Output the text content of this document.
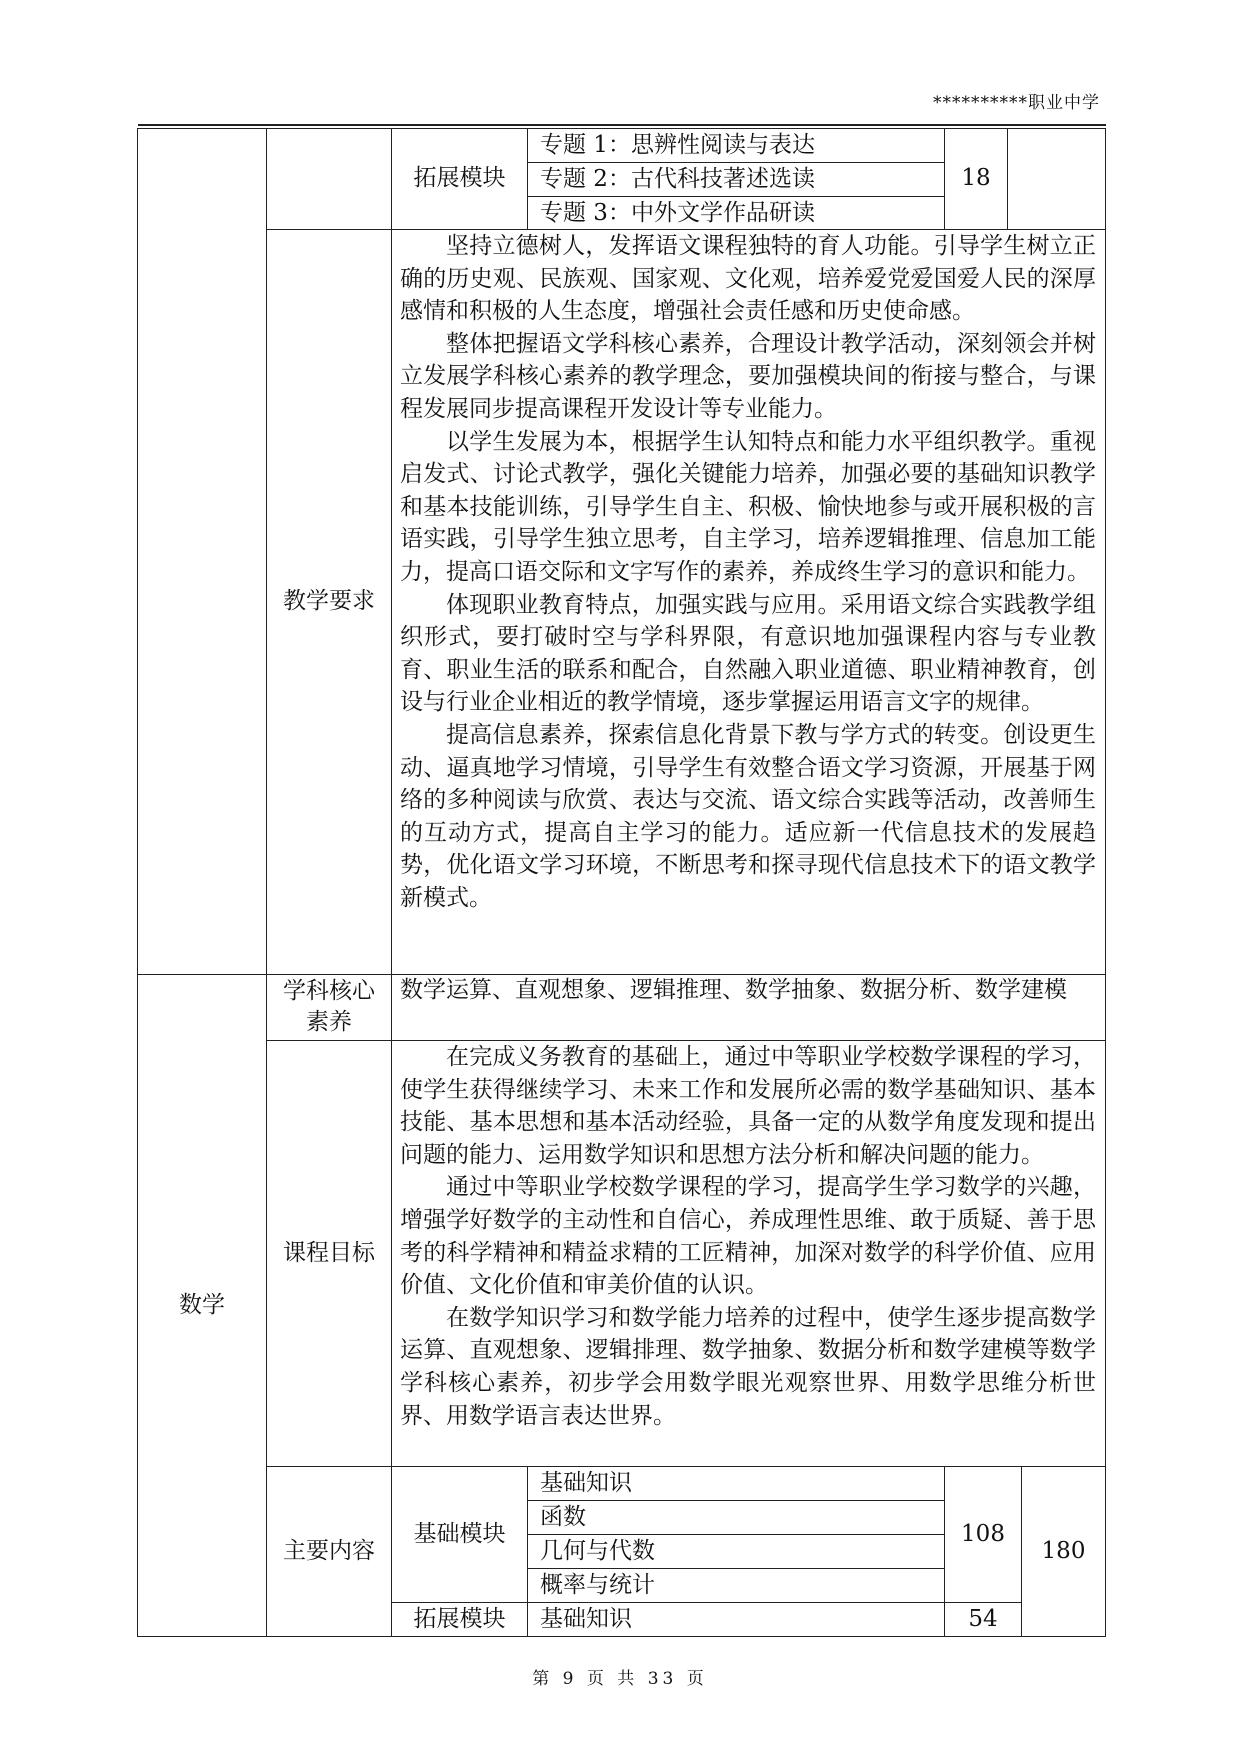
**********职业中学
拓展模块
专题 1：思辨性阅读与表达
专题 2：古代科技著述选读
专题 3：中外文学作品研读
18
教学要求

坚持立德树人，发挥语文课程独特的育人功能。引导学生树立正确的历史观、民族观、国家观、文化观，培养爱党爱国爱人民的深厚感情和积极的人生态度，增强社会责任感和历史使命感。

整体把握语文学科核心素养，合理设计教学活动，深刻领会并树立发展学科核心素养的教学理念，要加强模块间的衔接与整合，与课程发展同步提高课程开发设计等专业能力。

以学生发展为本，根据学生认知特点和能力水平组织教学。重视启发式、讨论式教学，强化关键能力培养，加强必要的基础知识教学和基本技能训练，引导学生自主、积极、愉快地参与或开展积极的言语实践，引导学生独立思考，自主学习，培养逻辑推理、信息加工能力，提高口语交际和文字写作的素养，养成终生学习的意识和能力。

体现职业教育特点，加强实践与应用。采用语文综合实践教学组织形式，要打破时空与学科界限，有意识地加强课程内容与专业教育、职业生活的联系和配合，自然融入职业道德、职业精神教育，创设与行业企业相近的教学情境，逐步掌握运用语言文字的规律。

提高信息素养，探索信息化背景下教与学方式的转变。创设更生动、逼真地学习情境，引导学生有效整合语文学习资源，开展基于网络的多种阅读与欣赏、表达与交流、语文综合实践等活动，改善师生的互动方式，提高自主学习的能力。适应新一代信息技术的发展趋势，优化语文学习环境，不断思考和探寻现代信息技术下的语文教学新模式。

数学
学科核心素养
数学运算、直观想象、逻辑推理、数学抽象、数据分析、数学建模
课程目标

在完成义务教育的基础上，通过中等职业学校数学课程的学习，使学生获得继续学习、未来工作和发展所必需的数学基础知识、基本技能、基本思想和基本活动经验，具备一定的从数学角度发现和提出问题的能力、运用数学知识和思想方法分析和解决问题的能力。

通过中等职业学校数学课程的学习，提高学生学习数学的兴趣，增强学好数学的主动性和自信心，养成理性思维、敢于质疑、善于思考的科学精神和精益求精的工匠精神，加深对数学的科学价值、应用价值、文化价值和审美价值的认识。

在数学知识学习和数学能力培养的过程中，使学生逐步提高数学运算、直观想象、逻辑排理、数学抽象、数据分析和数学建模等数学学科核心素养，初步学会用数学眼光观察世界、用数学思维分析世界、用数学语言表达世界。

主要内容
基础模块
基础知识
函数
几何与代数
概率与统计
108
180
拓展模块	基础知识	54
第 9 页 共 33 页
